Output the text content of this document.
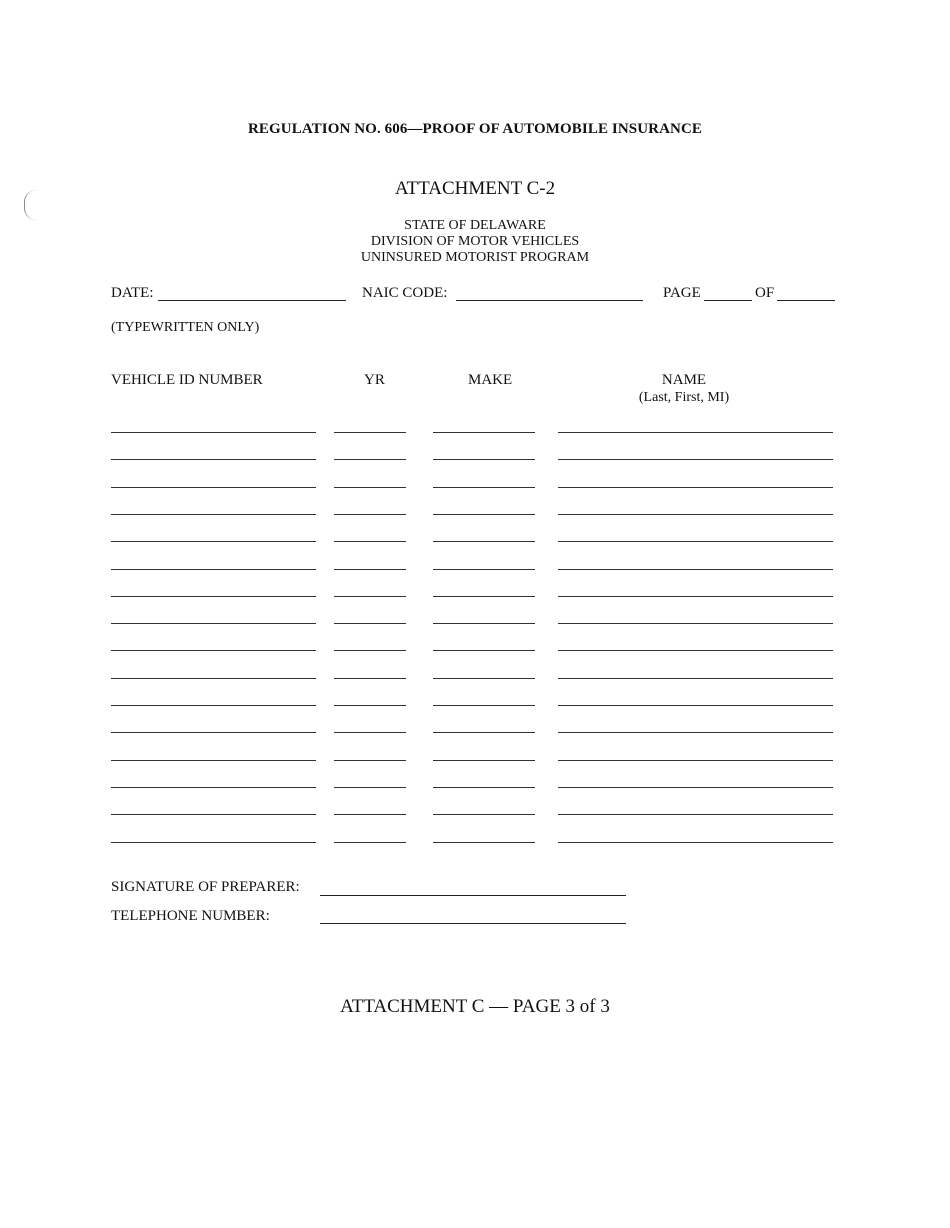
REGULATION NO. 606—PROOF OF AUTOMOBILE INSURANCE
ATTACHMENT C-2
STATE OF DELAWARE
DIVISION OF MOTOR VEHICLES
UNINSURED MOTORIST PROGRAM
DATE:	NAIC CODE:	PAGE	OF
(TYPEWRITTEN ONLY)
VEHICLE ID NUMBER	YR	MAKE	NAME
(Last, First, MI)
SIGNATURE OF PREPARER:
TELEPHONE NUMBER:
ATTACHMENT C — PAGE 3 of 3
